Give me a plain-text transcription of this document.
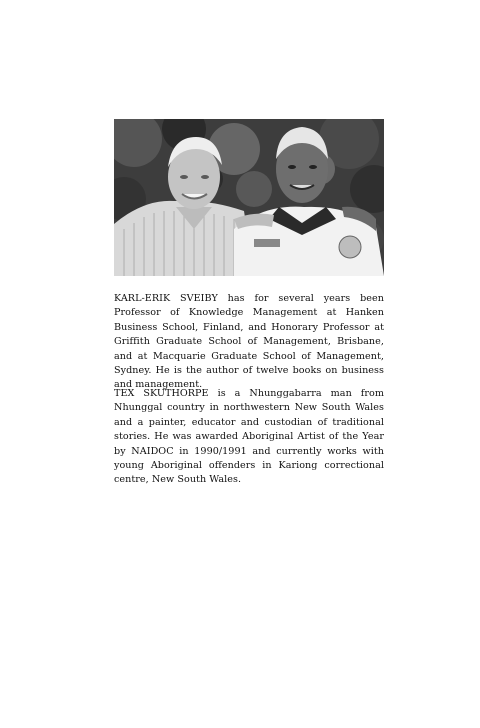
KARL-ERIK SVEIBY has for several years been Professor of Knowledge Management at Hanken Business School, Finland, and Honorary Professor at Griffith Graduate School of Management, Brisbane, and at Macquarie Graduate School of Management, Sydney. He is the author of twelve books on business and management.

TEX SKUTHORPE is a Nhunggabarra man from Nhunggal country in northwestern New South Wales and a painter, educator and custodian of traditional stories. He was awarded Aboriginal Artist of the Year by NAIDOC in 1990/1991 and currently works with young Aboriginal offenders in Kariong correctional centre, New South Wales.
